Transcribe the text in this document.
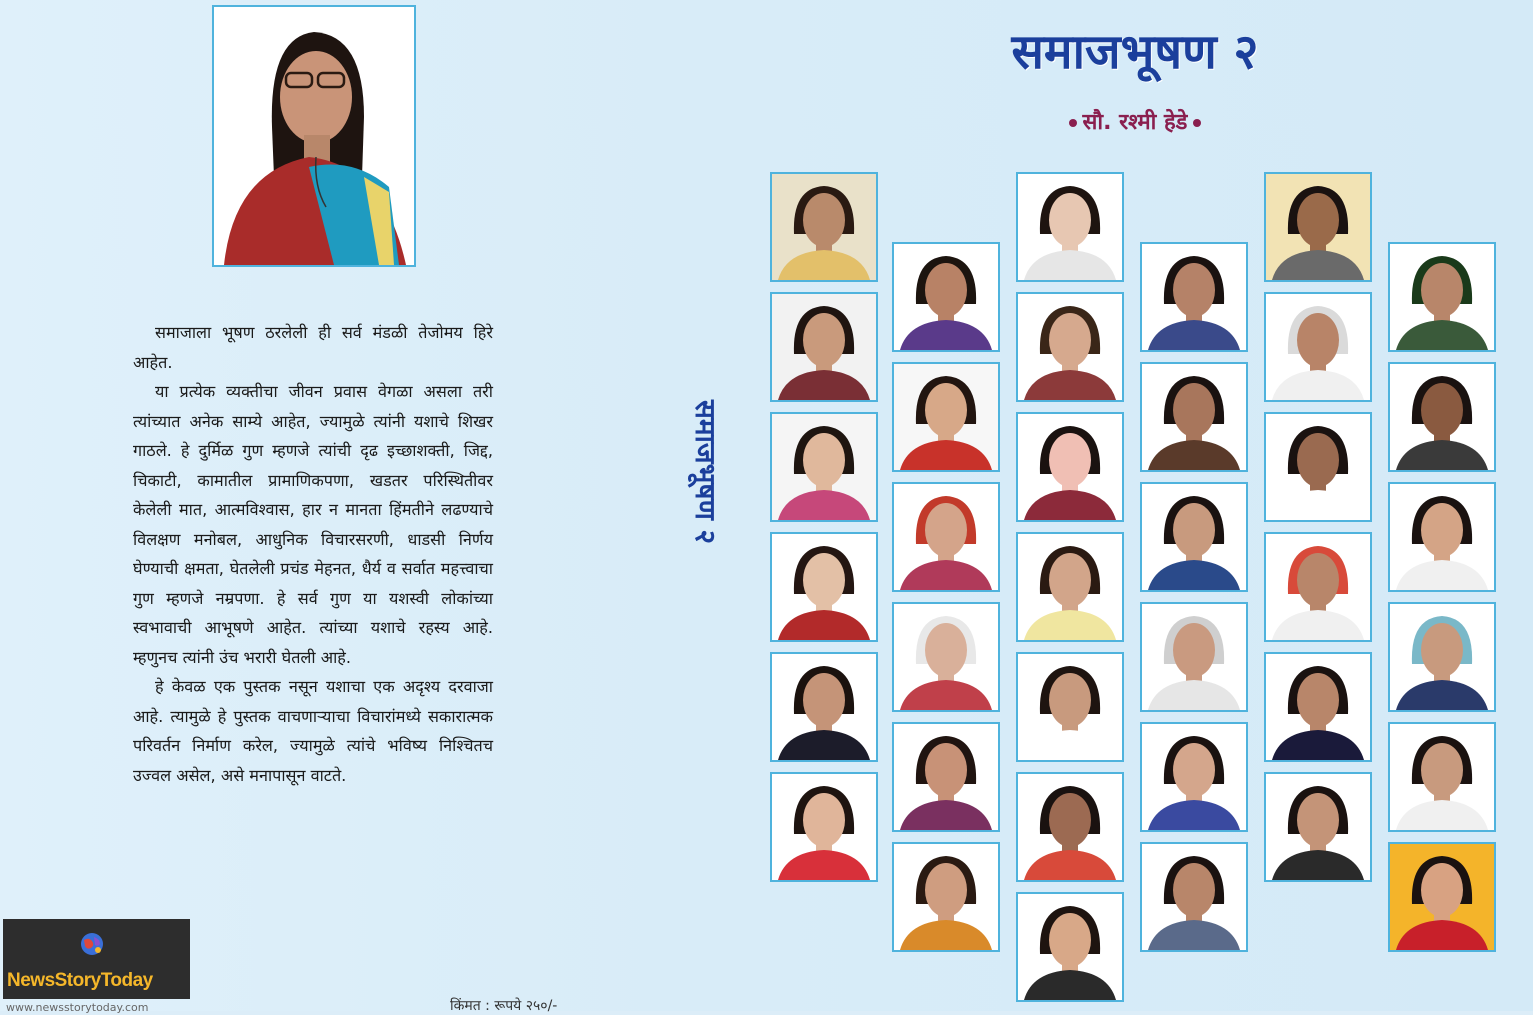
समाजाला भूषण ठरलेली ही सर्व मंडळी तेजोमय हिरे आहेत.

या प्रत्येक व्यक्तीचा जीवन प्रवास वेगळा असला तरी त्यांच्यात अनेक साम्ये आहेत, ज्यामुळे त्यांनी यशाचे शिखर गाठले. हे दुर्मिळ गुण म्हणजे त्यांची दृढ इच्छाशक्ती, जिद्द, चिकाटी, कामातील प्रामाणिकपणा, खडतर परिस्थितीवर केलेली मात, आत्मविश्वास, हार न मानता हिंमतीने लढण्याचे विलक्षण मनोबल, आधुनिक विचारसरणी, धाडसी निर्णय घेण्याची क्षमता, घेतलेली प्रचंड मेहनत, धैर्य व सर्वात महत्त्वाचा गुण म्हणजे नम्रपणा. हे सर्व गुण या यशस्वी लोकांच्या स्वभावाची आभूषणे आहेत. त्यांच्या यशाचे रहस्य आहे. म्हणुनच त्यांनी उंच भरारी घेतली आहे.

हे केवळ एक पुस्तक नसून यशाचा एक अदृश्य दरवाजा आहे. त्यामुळे हे पुस्तक वाचणाऱ्याचा विचारांमध्ये सकारात्मक परिवर्तन निर्माण करेल, ज्यामुळे त्यांचे भविष्य निश्चितच उज्वल असेल, असे मनापासून वाटते.

NewsStoryToday
www.newsstorytoday.com	किंमत : रूपये २५०/-
समाजभूषण २
समाजभूषण २
सौ. रश्मी हेडे
